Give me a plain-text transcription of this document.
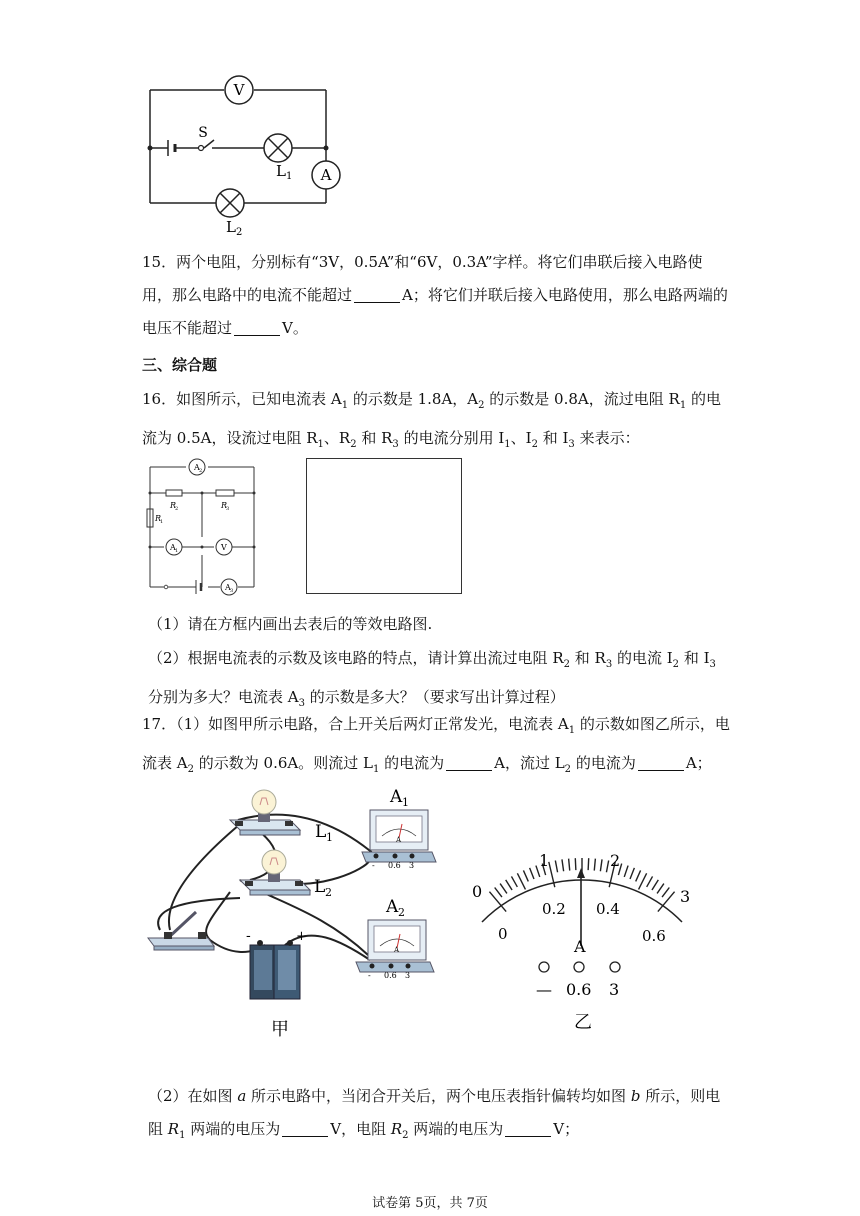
V
S
L 1 A
L 2
15．两个电阻，分别标有“3V，0.5A”和“6V，0.3A”字样。将它们串联后接入电路使用，那么电路中的电流不能超过	A；将它们并联后接入电路使用，那么电路两端的电压不能超过	V。
三、综合题
16．如图所示，已知电流表 $A_1$ 的示数是 1.8A，$A_2$ 的示数是 0.8A，流过电阻 $R_1$ 的电流为 0.5A，设流过电阻 $R_1$、$R_2$ 和 $R_3$ 的电流分别用 $I_1$、$I_2$ 和 $I_3$ 来表示：
A 2
R
2	R
3
R
1
A 1	V
A 3
（1）请在方框内画出去表后的等效电路图.
（2）根据电流表的示数及该电路的特点，请计算出流过电阻 $R_2$ 和 $R_3$ 的电流 $I_2$ 和 $I_3$ 分别为多大？电流表 $A_3$ 的示数是多大？（要求写出计算过程）
17．（1）如图甲所示电路，合上开关后两灯正常发光，电流表 $A_1$ 的示数如图乙所示，电流表 $A_2$ 的示数为 0.6A。则流过 $L_1$ 的电流为	A，流过 $L_2$ 的电流为	A；
A 1
L 1
L 2
A 2
-	+
A
- 0.6 3
A
- 0.6 3
甲
0
1	2
3
0
0.2 0.4
0.6
A
— 0.6 3
乙
（2）在如图 a 所示电路中，当闭合开关后，两个电压表指针偏转均如图 b 所示，则电阻 $R_1$ 两端的电压为	V，电阻 $R_2$ 两端的电压为	V；
试卷第 5页，共 7页
